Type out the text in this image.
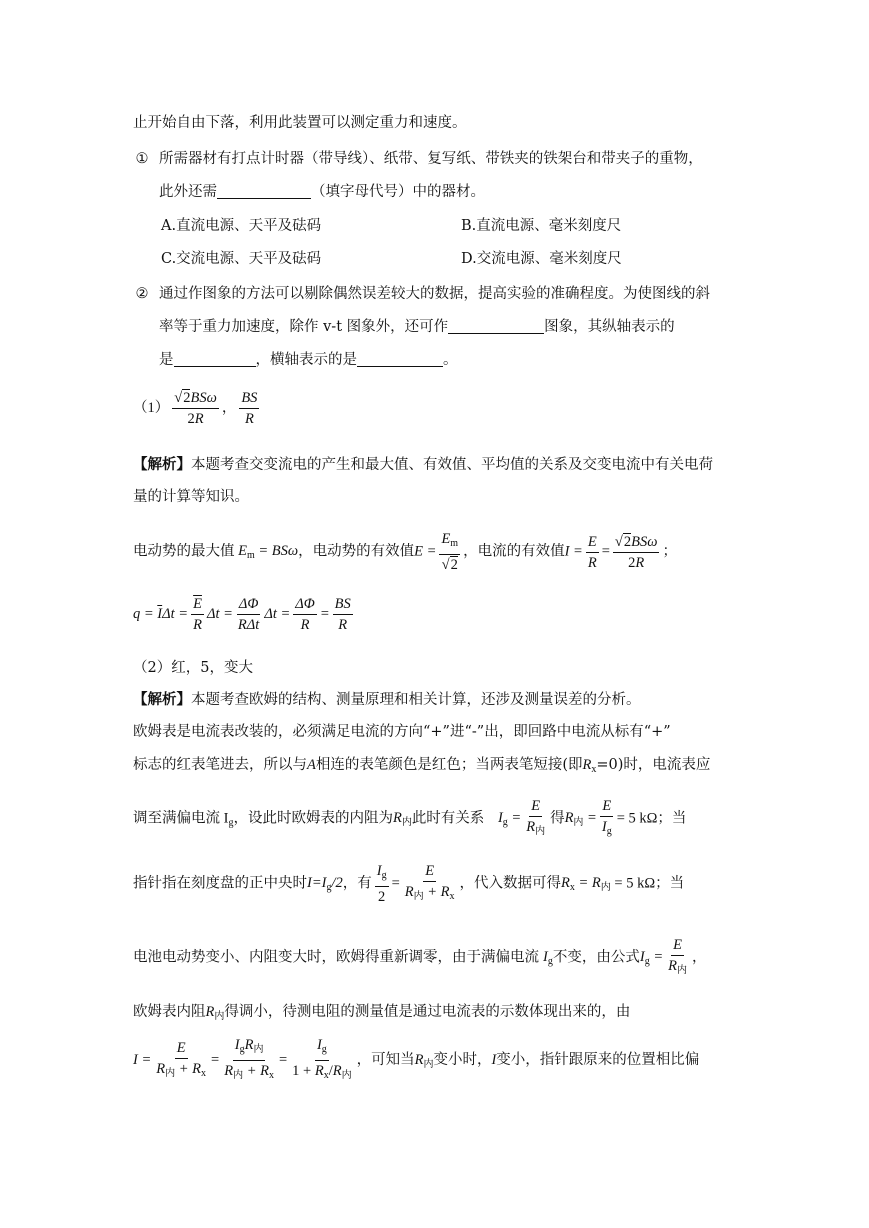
止开始自由下落，利用此装置可以测定重力和速度。
① 所需器材有打点计时器（带导线）、纸带、复写纸、带铁夹的铁架台和带夹子的重物，
此外还需	（填字母代号）中的器材。
A.直流电源、天平及砝码	B.直流电源、毫米刻度尺
C.交流电源、天平及砝码	D.交流电源、毫米刻度尺
② 通过作图象的方法可以剔除偶然误差较大的数据，提高实验的准确程度。为使图线的斜
率等于重力加速度，除作 v-t 图象外，还可作	图象，其纵轴表示的
是	，横轴表示的是	。
$(1) \frac{\text{√2BSω}}{2R}$ ， $\frac{BS}{R}$
【解析】本题考查交变流电的产生和最大值、有效值、平均值的关系及交变电流中有关电荷
量的计算等知识。
电动势的最大值 $E_m = BS\omega$，电动势的有效值$E = \frac{E_m}{√2}$ ，电流的有效值$I = \frac{E}{R} = \frac{\text{√2BSω}}{2R}$ ；
$q = \overline{I}\Delta t = \frac{\overline{E}}{R}$ $\Delta t = \frac{\Delta\Phi}{\text{RΔt}}$ $\Delta t = \frac{\Delta\Phi}{R} = \frac{BS}{R}$
（2）红，5，变大
【解析】本题考查欧姆的结构、测量原理和相关计算，还涉及测量误差的分析。
欧姆表是电流表改装的，必须满足电流的方向“+”进“-”出，即回路中电流从标有“+”
标志的红表笔进去，所以与A相连的表笔颜色是红色；当两表笔短接(即$R_x=0$)时，电流表应
调至满偏电流 $I_g$，设此时欧姆表的内阻为$R_内$此时有关系 $I_g = \frac{E}{R_内}$ 得$R_内 = \frac{E}{I_g} = 5$ kΩ；当
指针指在刻度盘的正中央时$I=I_g/2$，有 $\frac{I_g}{2} = \frac{E}{R_内 + R_x}$ ，代入数据可得$R_x = R_内 = 5$ kΩ；当
电池电动势变小、内阻变大时，欧姆得重新调零，由于满偏电流 $I_g$不变，由公式$I_g = \frac{E}{R_内}$ ，
欧姆表内阻$R_内$得调小，待测电阻的测量值是通过电流表的示数体现出来的，由
$I = \frac{E}{R_内 + R_x} = \frac{I_gR_内}{R_内 + R_x} = \frac{I_g}{1 + R_x/R_内}$ ，可知当$R_内$变小时，I变小，指针跟原来的位置相比偏
